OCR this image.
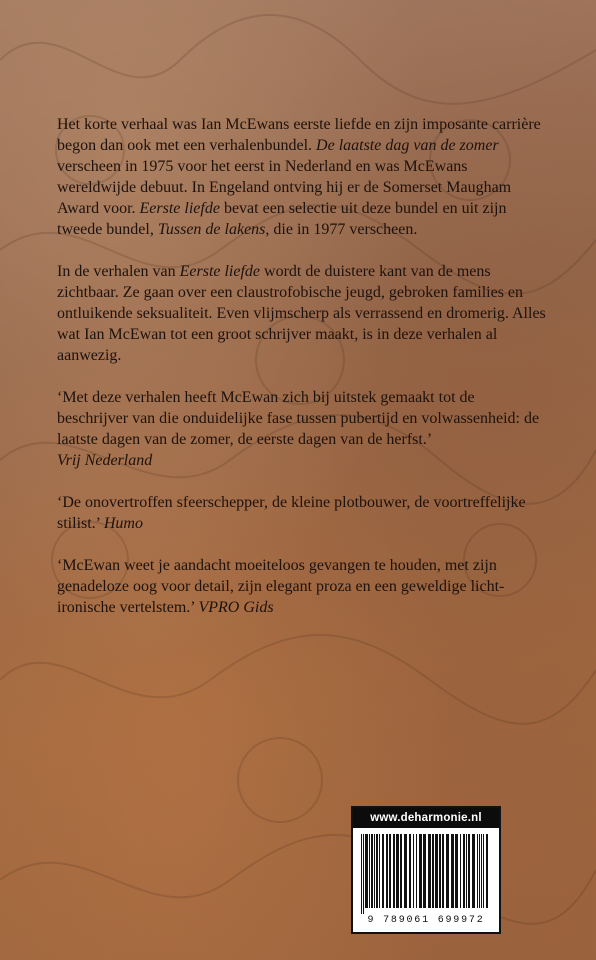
Het korte verhaal was Ian McEwans eerste liefde en zijn imposante carrière begon dan ook met een verhalenbundel. De laatste dag van de zomer verscheen in 1975 voor het eerst in Nederland en was McEwans wereldwijde debuut. In Engeland ontving hij er de Somerset Maugham Award voor. Eerste liefde bevat een selectie uit deze bundel en uit zijn tweede bundel, Tussen de lakens, die in 1977 verscheen.

In de verhalen van Eerste liefde wordt de duistere kant van de mens zichtbaar. Ze gaan over een claustrofobische jeugd, gebroken families en ontluikende seksualiteit. Even vlijmscherp als verrassend en dromerig. Alles wat Ian McEwan tot een groot schrijver maakt, is in deze verhalen al aanwezig.

‘Met deze verhalen heeft McEwan zich bij uitstek gemaakt tot de beschrijver van die onduidelijke fase tussen pubertijd en volwassenheid: de laatste dagen van de zomer, de eerste dagen van de herfst.’
Vrij Nederland

‘De onovertroffen sfeerschepper, de kleine plotbouwer, de voortreffelijke stilist.’ Humo

‘McEwan weet je aandacht moeiteloos gevangen te houden, met zijn genadeloze oog voor detail, zijn elegant proza en een geweldige licht-ironische vertelstem.’ VPRO Gids

www.deharmonie.nl
9 789061 699972
